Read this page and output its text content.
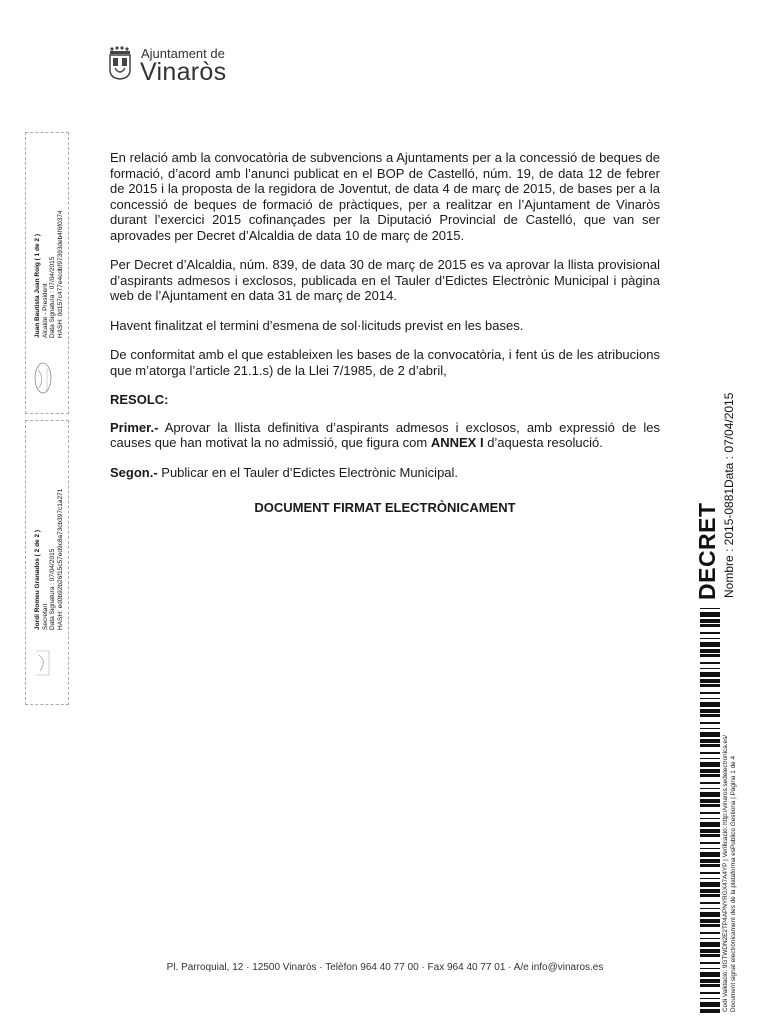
Ajuntament de
Vinaròs
Juan Bautista Juan Roig ( 1 de 2 ) Alcalde - President Data Signatura : 07/04/2015 HASH: 0d157c477e4cdbf97393deb4f6f0374
Jordi Romeu Granados ( 2 de 2 ) Secretari Data Signatura : 07/04/2015 HASH: ed0b92b26f15c57ed9c8a73cb397c1a271

En relació amb la convocatòria de subvencions a Ajuntaments per a la concessió de beques de formació, d’acord amb l’anunci publicat en el BOP de Castelló, núm. 19, de data 12 de febrer de 2015 i la proposta de la regidora de Joventut, de data 4 de març de 2015, de bases per a la concessió de beques de formació de pràctiques, per a realitzar en l’Ajuntament de Vinaròs durant l’exercici 2015 cofinançades per la Diputació Provincial de Castelló, que van ser aprovades per Decret d’Alcaldia de data 10 de març de 2015.

Per Decret d’Alcaldia, núm. 839, de data 30 de març de 2015 es va aprovar la llista provisional d’aspirants admesos i exclosos, publicada en el Tauler d’Edictes Electrònic Municipal i pàgina web de l’Ajuntament en data 31 de març de 2014.

Havent finalitzat el termini d’esmena de sol·licituds previst en les bases.

De conformitat amb el que estableixen les bases de la convocatòria, i fent ús de les atribucions que m’atorga l’article 21.1.s) de la Llei 7/1985, de 2 d’abril,

RESOLC:

Primer.- Aprovar la llista definitiva d’aspirants admesos i exclosos, amb expressió de les causes que han motivat la no admissió, que figura com ANNEX I d’aquesta resolució.

Segon.- Publicar en el Tauler d’Edictes Electrònic Municipal.

DOCUMENT FIRMAT ELECTRÒNICAMENT	DECRET Nombre : 2015-0881
Data : 07/04/2015
Codi Validació: 9GTWDN2E2TP4APNYRGX47A4YP | Verificació: http://vinaros.sedelectronica.es/ Document signat electrònicament des de la plataforma esPublico Gestiona | Pàgina 1 de 4
Pl. Parroquial, 12 · 12500 Vinaròs · Telèfon 964 40 77 00 · Fax 964 40 77 01 · A/e info@vinaros.es
